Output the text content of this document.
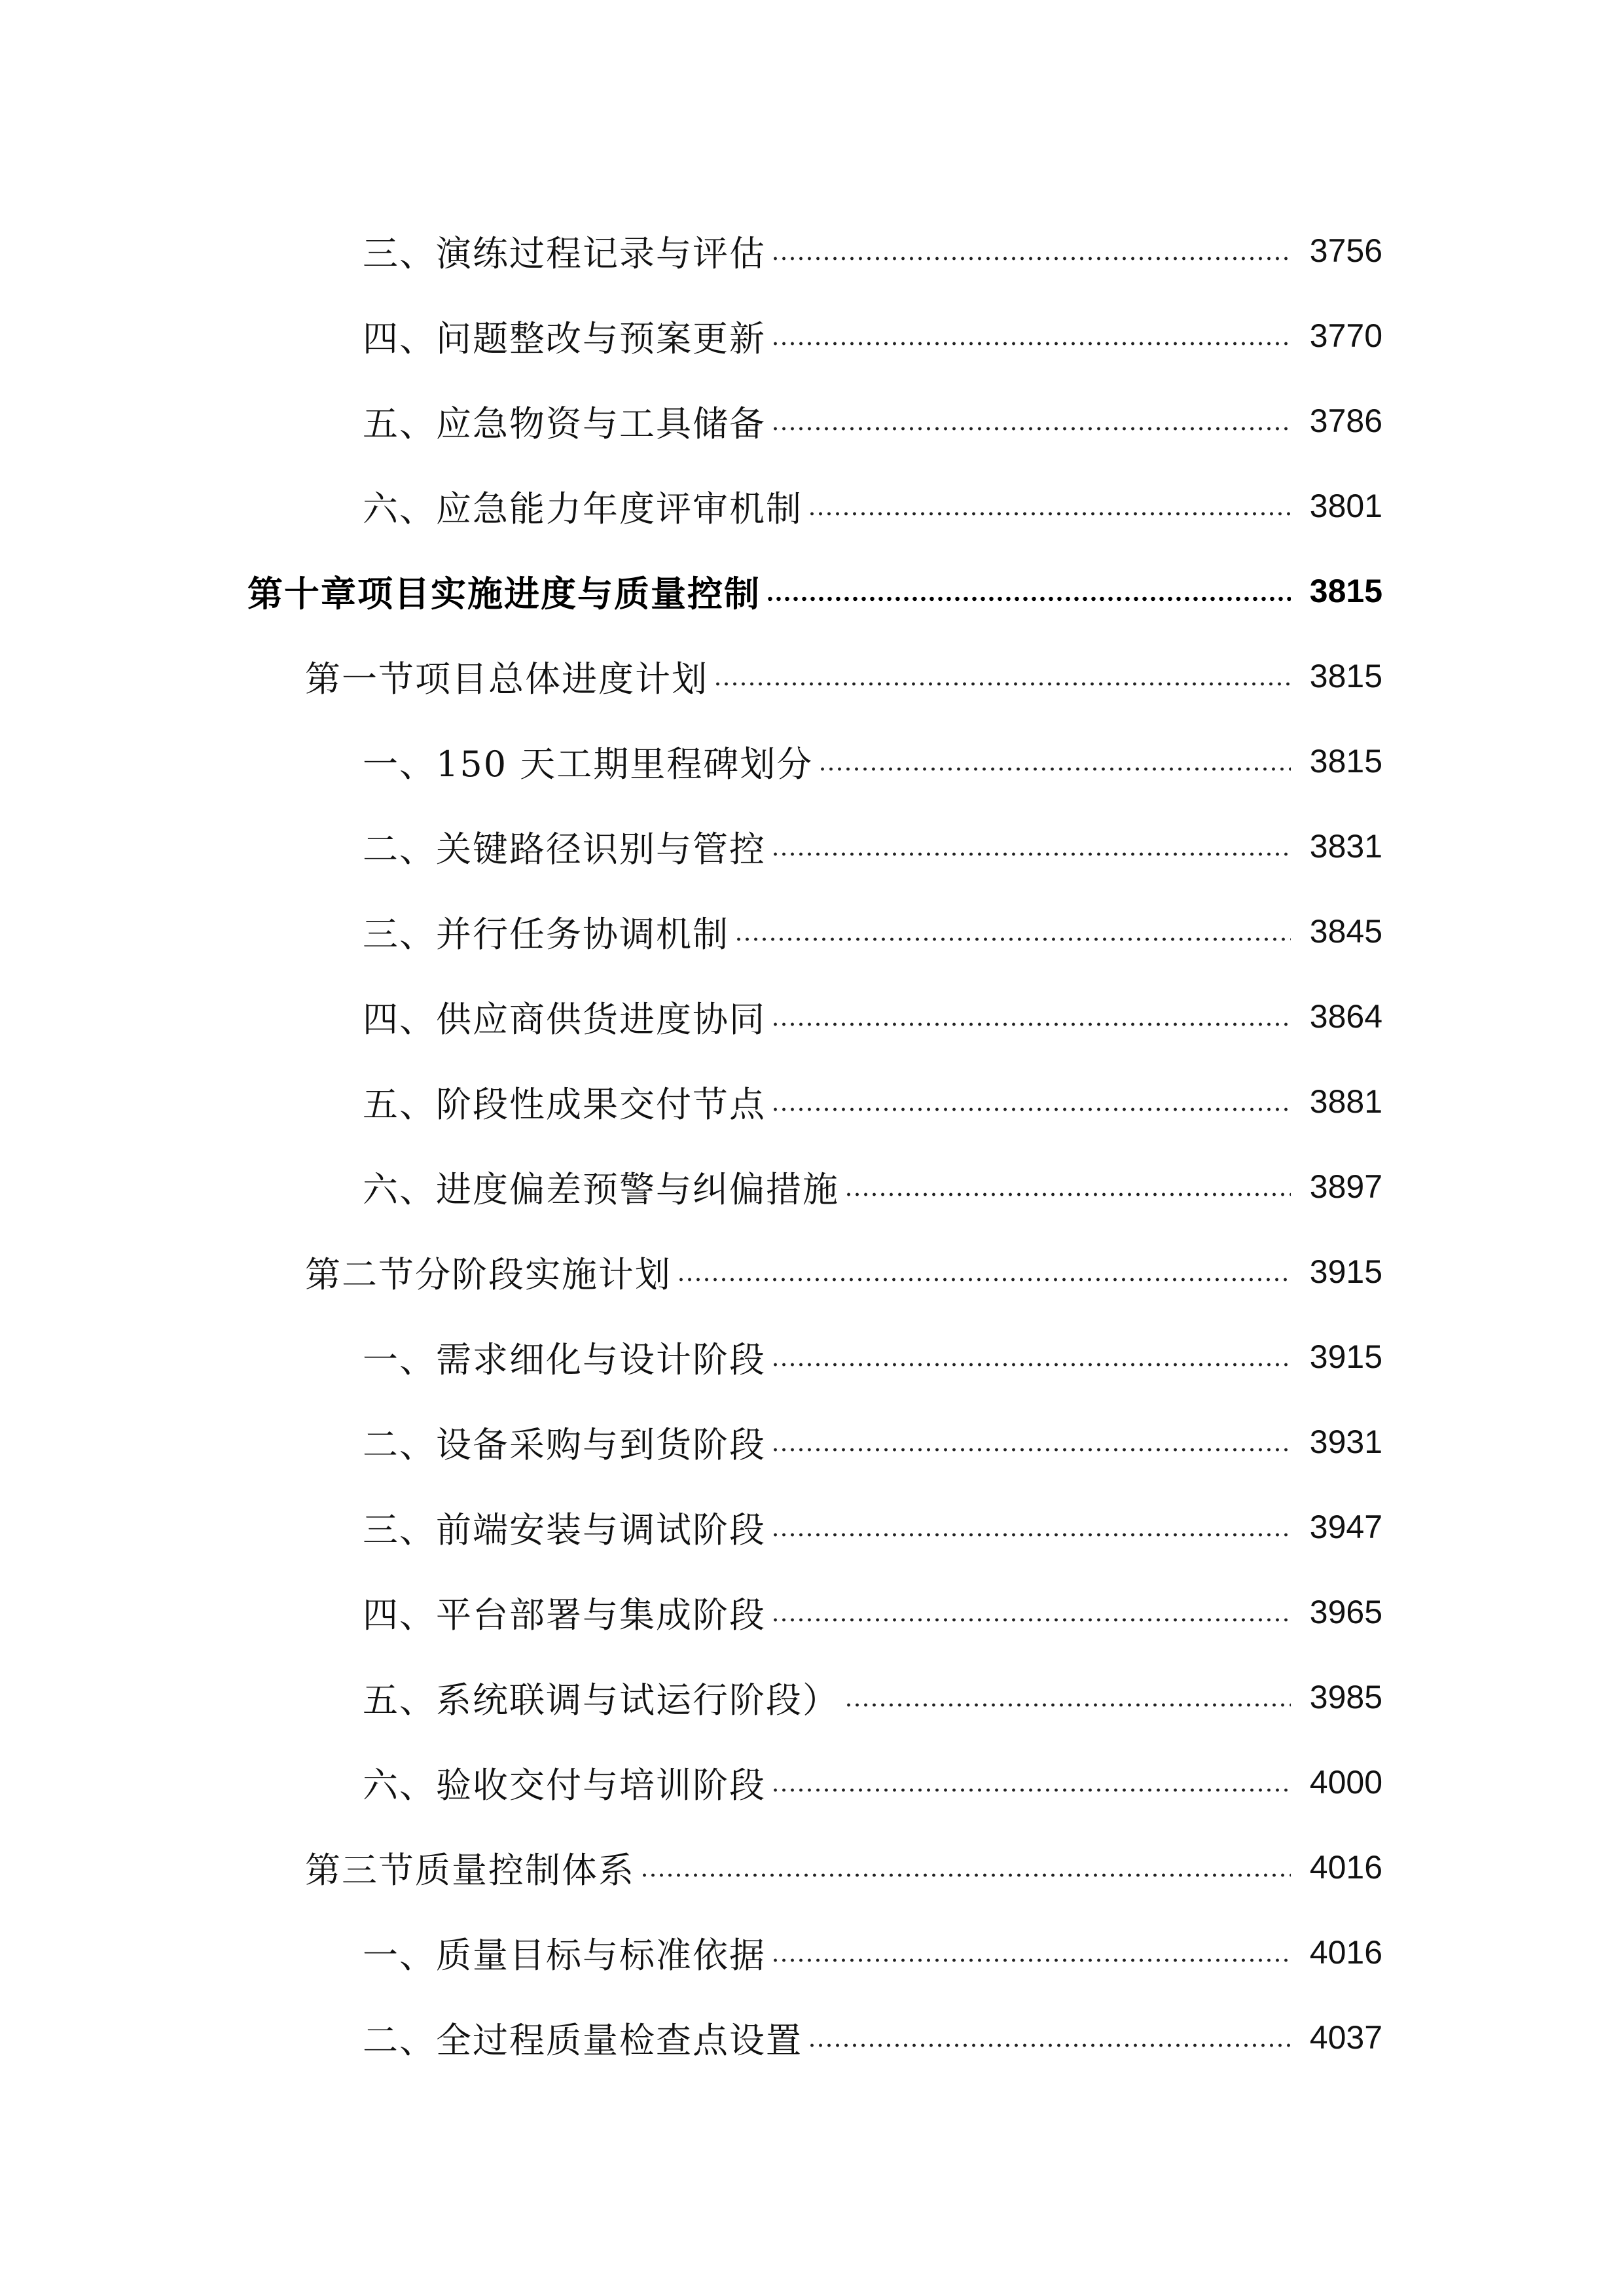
三、演练过程记录与评估	3756
四、问题整改与预案更新	3770
五、应急物资与工具储备	3786
六、应急能力年度评审机制	3801
第十章项目实施进度与质量控制	3815
第一节项目总体进度计划	3815
一、150 天工期里程碑划分	3815
二、关键路径识别与管控	3831
三、并行任务协调机制	3845
四、供应商供货进度协同	3864
五、阶段性成果交付节点	3881
六、进度偏差预警与纠偏措施	3897
第二节分阶段实施计划	3915
一、需求细化与设计阶段	3915
二、设备采购与到货阶段	3931
三、前端安装与调试阶段	3947
四、平台部署与集成阶段	3965
五、系统联调与试运行阶段）	3985
六、验收交付与培训阶段	4000
第三节质量控制体系	4016
一、质量目标与标准依据	4016
二、全过程质量检查点设置	4037
